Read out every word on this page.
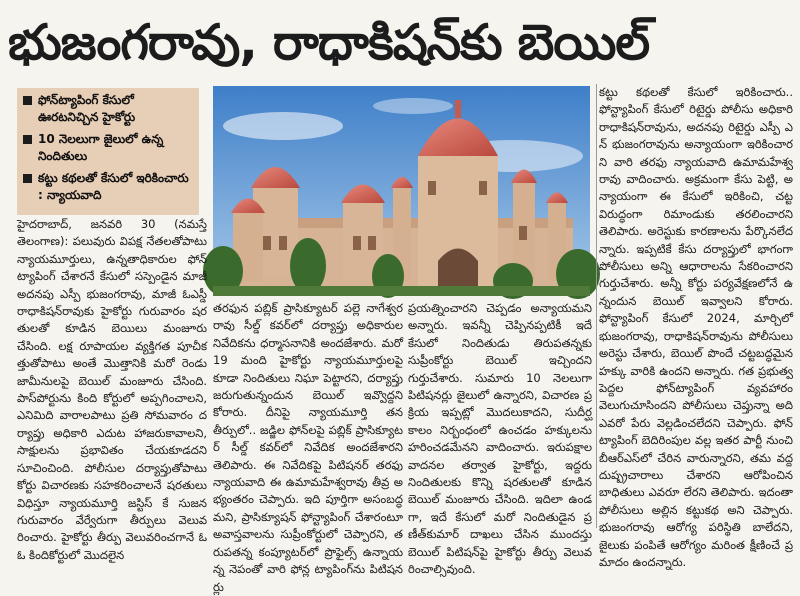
భుజంగరావు, రాధాకిషన్‌కు బెయిల్
ఫోన్‌ట్యాపింగ్ కేసులో ఊరటనిచ్చిన హైకోర్టు
10 నెలలుగా జైలులో ఉన్న నిందితులు
కట్టు కథలతో కేసులో ఇరికించారు : న్యాయవాది
హైదరాబాద్, జనవరి 30 (నమస్తే తెలంగాణ): పలువురు విపక్ష నేతలతోపాటు న్యాయమూర్తులు, ఉన్నతాధికారుల ఫోన్ ట్యాపింగ్ చేశారనే కేసులో సస్పెండైన మాజీ అదనపు ఎస్పీ భుజంగరావు, మాజీ ఓఎస్డీ రాధాకిషన్‌రావుకు హైకోర్టు గురువారం షరతులతో కూడిన బెయిలు మంజూరు చేసింది. లక్ష రూపాయల వ్యక్తిగత పూచీకత్తుతోపాటు అంతే మొత్తానికి మరో రెండు జామీనులపై బెయిల్ మంజూరు చేసింది. పాస్‌పోర్టును కింది కోర్టులో అప్పగించాలని, ఎనిమిది వారాలపాటు ప్రతి సోమవారం దర్యాప్తు అధికారి ఎదుట హాజరుకావాలని, సాక్షులను ప్రభావితం చేయకూడదని సూచించింది. పోలీసుల దర్యాప్తుతోపాటు కోర్టు విచారణకు సహకరించాలనే షరతులు విధిస్తూ న్యాయమూర్తి జస్టిస్ కే సుజన గురువారం వేర్వేరుగా తీర్పులు వెలువరించారు. హైకోర్టు తీర్పు వెలువరించగానే ఓఓ కిందికోర్టులో మొదలైన
తరఫున పబ్లిక్ ప్రాసిక్యూటర్ పల్లె నాగేశ్వర రావు సీల్డ్ కవర్‌లో దర్యాప్తు అధికారుల నివేదికను ధర్మాసనానికి అందజేశారు. మరో 19 మంది హైకోర్టు న్యాయమూర్తులపై కూడా నిందితులు నిఘా పెట్టారని, దర్యాప్తు జరుగుతున్నందున బెయిల్ ఇవ్వొద్దని కోరారు. దీనిపై న్యాయమూర్తి తన తీర్పులో.. జడ్జిల ఫోన్‌లపై పబ్లిక్ ప్రాసిక్యూటర్ సీల్డ్ కవర్‌లో నివేదిక అందజేశారని తెలిపారు. ఈ నివేదికపై పిటిషనర్ తరఫు న్యాయవాది ఈ ఉమామహేశ్వరావు తీవ్ర అభ్యంతరం చెప్పారు. ఇది పూర్తిగా అసంబద్ధమని, ప్రాసిక్యూషన్ ఫోన్ట్యాపింగ్ చేశారంటూ అవాస్తవాలను సుప్రీంకోర్టులో చెప్పారని, తరుపతన్న కంప్యూటర్‌లో ప్రొఫైల్స్ ఉన్నాయన్న నెపంతో వారి ఫోన్ల ట్యాపింగ్‌ను పిటిషనర్లు
ప్రయత్నించారని చెప్పడం అన్యాయమని అన్నారు. ఇవన్నీ చెప్పినప్పటికీ ఇదే కేసులో నిందితుడు తిరుపతన్నకు సుప్రీంకోర్టు బెయిల్ ఇచ్చిందని గుర్తుచేశారు. సుమారు 10 నెలలుగా పిటిషనర్లు జైలులో ఉన్నారని, విచారణ ప్రక్రియ ఇప్పట్లో మొదలుకాదని, సుదీర్ఘ కాలం నిర్బంధంలో ఉంచడం హక్కులను హరించడమేనని వాదించారు. ఇరుపక్షాల వాదనల తర్వాత హైకోర్టు, ఇద్దరు నిందితులకు కొన్ని షరతులతో కూడిన బెయిల్ మంజూరు చేసింది. ఇదిలా ఉండగా, ఇదే కేసులో మరో నిందితుడైన ప్రణీత్‌కుమార్ దాఖలు చేసిన ముందస్తు బెయిల్ పిటిషన్‌పై హైకోర్టు తీర్పు వెలువరించాల్సివుంది.
కట్టు కథలతో కేసులో ఇరికించారు.. ఫోన్ట్యాపింగ్ కేసులో రిటైర్డు పోలీసు అధికారి రాధాకిషన్‌రావును, అదనపు రిటైర్డు ఎస్పీ ఎన్ భుజంగరావును అన్యాయంగా ఇరికించారని వారి తరఫు న్యాయవాది ఉమామహేశ్వరావు వాదించారు. అక్రమంగా కేసు పెట్టి, అన్యాయంగా ఈ కేసులో ఇరికించి, చట్ట విరుద్ధంగా రిమాండుకు తరలించారని తెలిపారు. అరెస్టుకు కారణాలను పేర్కొనలేదన్నారు. ఇప్పటికే కేసు దర్యాప్తులో భాగంగా పోలీసులు అన్ని ఆధారాలను సేకరించారని గుర్తుచేశారు. అన్నీ కోర్టు పర్యవేక్షణలోనే ఉన్నందున బెయిల్ ఇవ్వాలని కోరారు. ఫోన్ట్యాపింగ్ కేసులో 2024, మార్చిలో భుజంగరావు, రాధాకిషన్‌రావును పోలీసులు అరెస్టు చేశారు, బెయిల్ పొందే చట్టబద్ధమైన హక్కు వారికి ఉందని అన్నారు. గత ప్రభుత్వ పెద్దల ఫోన్‌ట్యాపింగ్ వ్యవహారం వెలుగుచూసిందని పోలీసులు చెప్తున్నా అది ఎవరో పేరు వెల్లడించలేదని చెప్పారు. ఫోన్ ట్యాపింగ్ బెదిరింపుల వల్ల ఇతర పార్టీ నుంచి బీఆర్‌ఎస్‌లో చేరిన వారున్నారని, తమ వద్ద దుష్ప్రచారాలు చేశారని ఆరోపించిన బాధితులు ఎవరూ లేరని తెలిపారు. ఇదంతా పోలీసులు అల్లిన కట్టుకథ అని చెప్పారు. భుజంగరావు ఆరోగ్య పరిస్థితి బాలేదని, జైలుకు పంపితే ఆరోగ్యం మరింత క్షీణించే ప్రమాదం ఉందన్నారు.
